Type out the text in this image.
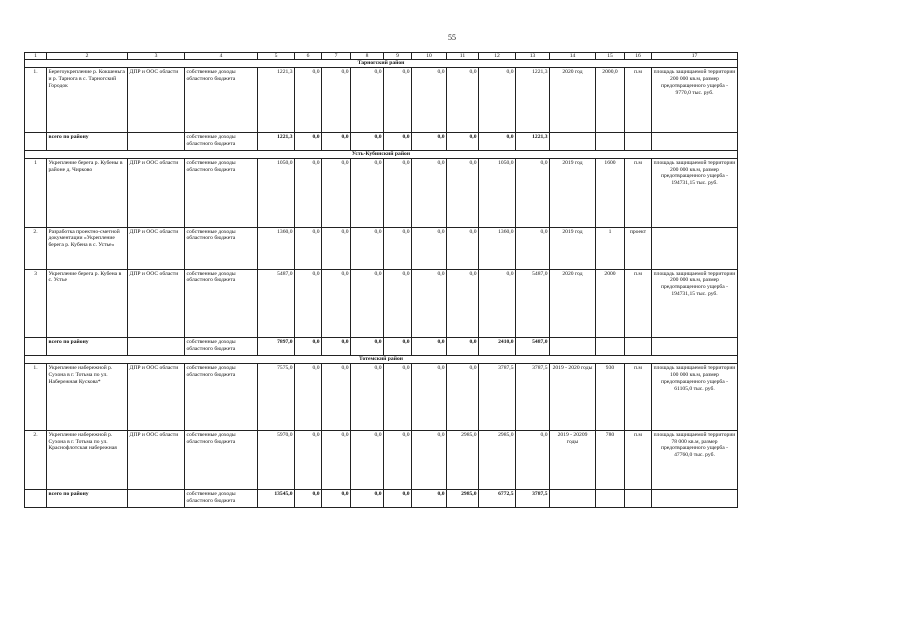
55
1	2	3	4	5	6	7	8	9	10	11	12	13	14	15	16	17
Тарногский район																
1.	Берегоукрепление р. Кокшеньга и р. Тарнога в с. Тарногский Городок	ДПР и ООС области	собственные доходы областного бюджета	1221,3	0,0	0,0	0,0	0,0	0,0	0,0	0,0	1221,3	2020 год	2000,0	п.м	площадь защищаемой территории 200 000 кв.м, размер предотвращенного ущерба - 9770,0 тыс. руб.
	всего по району		собственные доходы областного бюджета	1221,3	0,0	0,0	0,0	0,0	0,0	0,0	0,0	1221,3				
Усть-Кубинский район																
1	Укрепление берега р. Кубены в районе д. Чирково	ДПР и ООС области	собственные доходы областного бюджета	1050,0	0,0	0,0	0,0	0,0	0,0	0,0	1050,0	0,0	2019 год	1600	п.м	площадь защищаемой территории 200 000 кв.м, размер предотвращенного ущерба - 194731,15 тыс. руб.
2.	Разработка проектно-сметной документации «Укрепление берега р. Кубена в с. Устье»	ДПР и ООС области	собственные доходы областного бюджета	1360,0	0,0	0,0	0,0	0,0	0,0	0,0	1360,0	0,0	2019 год	1	проект	
3	Укрепление берега р. Кубена в с. Устье	ДПР и ООС области	собственные доходы областного бюджета	5487,0	0,0	0,0	0,0	0,0	0,0	0,0	0,0	5487,0	2020 год	2000	п.м	площадь защищаемой территории 200 000 кв.м, размер предотвращенного ущерба - 194731,15 тыс. руб.
	всего по району		собственные доходы областного бюджета	7897,0	0,0	0,0	0,0	0,0	0,0	0,0	2410,0	5487,0				
Тотемский район																
1.	Укрепление набережной р. Сухона в г. Тотьма по ул. Набережная Кускова*	ДПР и ООС области	собственные доходы областного бюджета	7575,0	0,0	0,0	0,0	0,0	0,0	0,0	3787,5	3787,5	2019 - 2020 годы	930	п.м	площадь защищаемой территории 100 000 кв.м, размер предотвращенного ущерба - 61105,0 тыс. руб.
2.	Укрепление набережной р. Сухона в г. Тотьма по ул. Краснофлотская набережная	ДПР и ООС области	собственные доходы областного бюджета	5970,0	0,0	0,0	0,0	0,0	0,0	2985,0	2985,0	0,0	2019 - 20209 годы	780	п.м	площадь защищаемой территории 78 000 кв.м, размер предотвращенного ущерба - 47760,0 тыс. руб.
	всего по району		собственные доходы областного бюджета	13545,0	0,0	0,0	0,0	0,0	0,0	2985,0	6772,5	3787,5				
